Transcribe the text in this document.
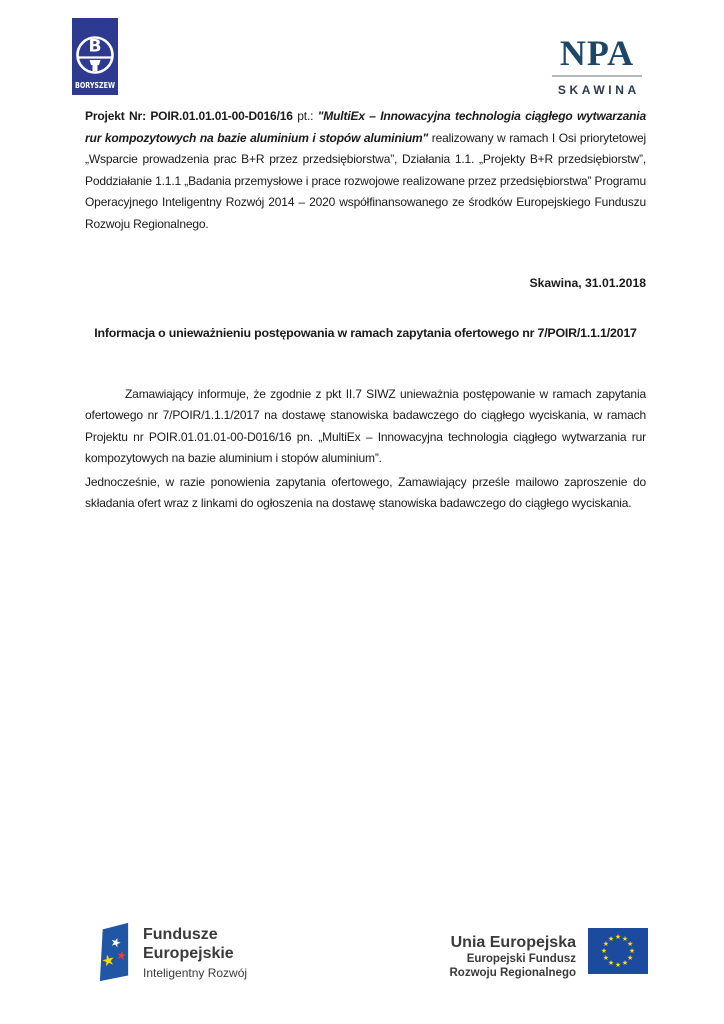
B
BORYSZEW
NPA
SKAWINA

Projekt Nr: POIR.01.01.01-00-D016/16 pt.: "MultiEx – Innowacyjna technologia ciągłego wytwarzania rur kompozytowych na bazie aluminium i stopów aluminium" realizowany w ramach I Osi priorytetowej „Wsparcie prowadzenia prac B+R przez przedsiębiorstwa”, Działania 1.1. „Projekty B+R przedsiębiorstw”, Poddziałanie 1.1.1 „Badania przemysłowe i prace rozwojowe realizowane przez przedsiębiorstwa” Programu Operacyjnego Inteligentny Rozwój 2014 – 2020 współfinansowanego ze środków Europejskiego Funduszu Rozwoju Regionalnego.

Skawina, 31.01.2018
Informacja o unieważnieniu postępowania w ramach zapytania ofertowego nr 7/POIR/1.1.1/2017

Zamawiający informuje, że zgodnie z pkt II.7 SIWZ unieważnia postępowanie w ramach zapytania ofertowego nr 7/POIR/1.1.1/2017 na dostawę stanowiska badawczego do ciągłego wyciskania, w ramach Projektu nr POIR.01.01.01-00-D016/16 pn. „MultiEx – Innowacyjna technologia ciągłego wytwarzania rur kompozytowych na bazie aluminium i stopów aluminium”.

Jednocześnie, w razie ponowienia zapytania ofertowego, Zamawiający prześle mailowo zaproszenie do składania ofert wraz z linkami do ogłoszenia na dostawę stanowiska badawczego do ciągłego wyciskania.

★
★
★
Fundusze
Europejskie
Inteligentny Rozwój
Unia Europejska
Europejski Fundusz
Rozwoju Regionalnego
★ ★
★
★
★
★
★
★
★
★
★
★
